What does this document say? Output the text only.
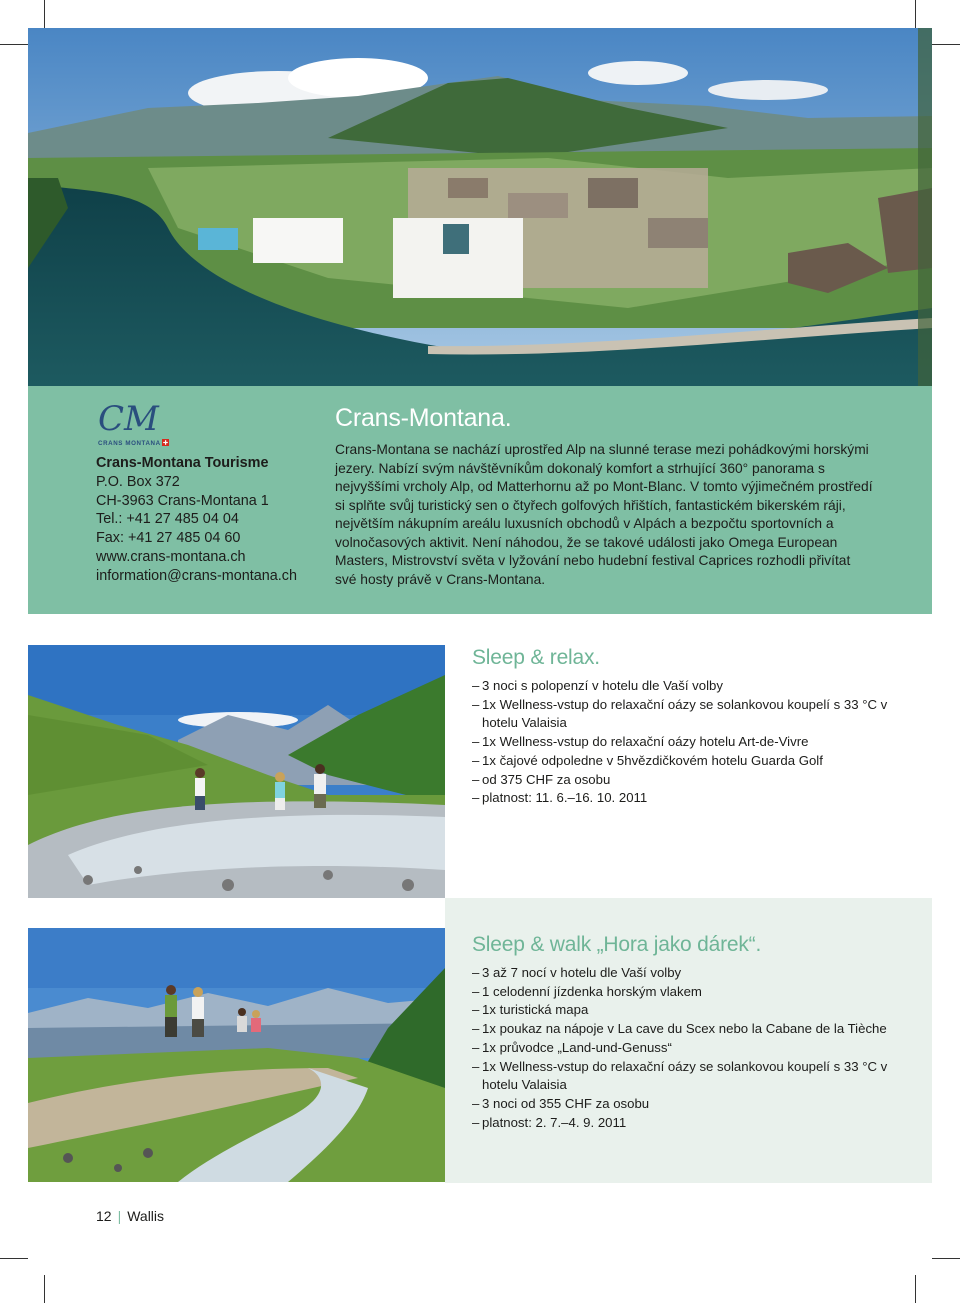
CM
CRANS MONTANA
Crans-Montana Tourisme
P.O. Box 372
CH-3963 Crans-Montana 1
Tel.: +41 27 485 04 04
Fax: +41 27 485 04 60
www.crans-montana.ch
information@crans-montana.ch
Crans-Montana.

Crans-Montana se nachází uprostřed Alp na slunné terase mezi pohádkovými horskými jezery. Nabízí svým návštěvníkům dokonalý komfort a strhující 360° panorama s nejvyššími vrcholy Alp, od Matterhornu až po Mont-Blanc. V tomto výjimečném prostředí si splňte svůj turistický sen o čtyřech golfových hřištích, fantastickém bikerském ráji, největším nákupním areálu luxusních obchodů v Alpách a bezpočtu sportovních a volnočasových aktivit. Není náhodou, že se takové události jako Omega European Masters, Mistrovství světa v lyžování nebo hudební festival Caprices rozhodli přivítat své hosty právě v Crans-Montana.

Sleep & relax.
– 3 noci s polopenzí v hotelu dle Vaší volby
– 1x Wellness-vstup do relaxační oázy se solankovou koupelí s 33 °C v hotelu Valaisia
– 1x Wellness-vstup do relaxační oázy hotelu Art-de-Vivre
– 1x čajové odpoledne v 5hvězdičkovém hotelu Guarda Golf
– od 375 CHF za osobu
– platnost: 11. 6.–16. 10. 2011
Sleep & walk „Hora jako dárek“.
– 3 až 7 nocí v hotelu dle Vaší volby
– 1 celodenní jízdenka horským vlakem
– 1x turistická mapa
– 1x poukaz na nápoje v La cave du Scex nebo la Cabane de la Tièche
– 1x průvodce „Land-und-Genuss“
– 1x Wellness-vstup do relaxační oázy se solankovou koupelí s 33 °C v hotelu Valaisia
– 3 noci od 355 CHF za osobu
– platnost: 2. 7.–4. 9. 2011
12 | Wallis
